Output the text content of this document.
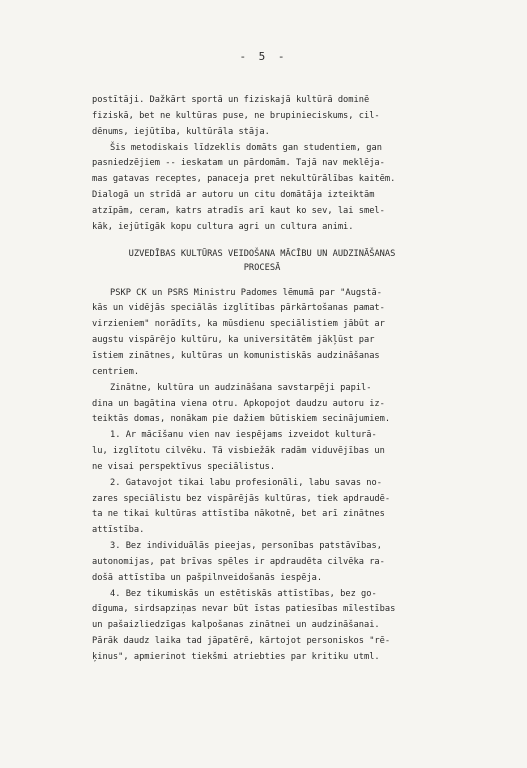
- 5 -
postītāji. Dažkārt sportā un fiziskajā kultūrā dominē
fiziskā, bet ne kultūras puse, ne brupinieciskums, cil-
dēnums, iejūtība, kultūrāla stāja.
Šis metodiskais līdzeklis domāts gan studentiem, gan
pasniedzējiem -- ieskatam un pārdomām. Tajā nav meklēja-
mas gatavas receptes, panaceja pret nekultūrālības kaitēm.
Dialogā un strīdā ar autoru un citu domātāja izteiktām
atzīpām, ceram, katrs atradīs arī kaut ko sev, lai smel-
kāk, iejūtīgāk kopu cultura agri un cultura animi.
UZVEDĪBAS KULTŪRAS VEIDOŠANA MĀCĪBU UN AUDZINĀŠANAS
PROCESĀ
PSKP CK un PSRS Ministru Padomes lēmumā par "Augstā-
kās un vidējās speciālās izglītības pārkārtošanas pamat-
virzieniem" norādīts, ka mūsdienu speciālistiem jābūt ar
augstu vispārējo kultūru, ka universitātēm jākļūst par
īstiem zinātnes, kultūras un komunistiskās audzināšanas
centriem.
Zinātne, kultūra un audzināšana savstarpēji papil-
dina un bagātina viena otru. Apkopojot daudzu autoru iz-
teiktās domas, nonākam pie dažiem būtiskiem secinājumiem.
1. Ar mācīšanu vien nav iespējams izveidot kulturā-
lu, izglītotu cilvēku. Tā visbiežāk radām viduvējības un
ne visai perspektīvus speciālistus.
2. Gatavojot tikai labu profesionāli, labu savas no-
zares speciālistu bez vispārējās kultūras, tiek apdraudē-
ta ne tikai kultūras attīstība nākotnē, bet arī zinātnes
attīstība.
3. Bez individuālās pieejas, personības patstāvības,
autonomijas, pat brīvas spēles ir apdraudēta cilvēka ra-
došā attīstība un pašpilnveidošanās iespēja.
4. Bez tikumiskās un estētiskās attīstības, bez go-
dīguma, sirdsapziņas nevar būt īstas patiesības mīlestības
un pašaizliedzīgas kalpošanas zinātnei un audzināšanai.
Pārāk daudz laika tad jāpatērē, kārtojot personiskos "rē-
ķinus", apmierinot tiekšmi atriebties par kritiku utml.
